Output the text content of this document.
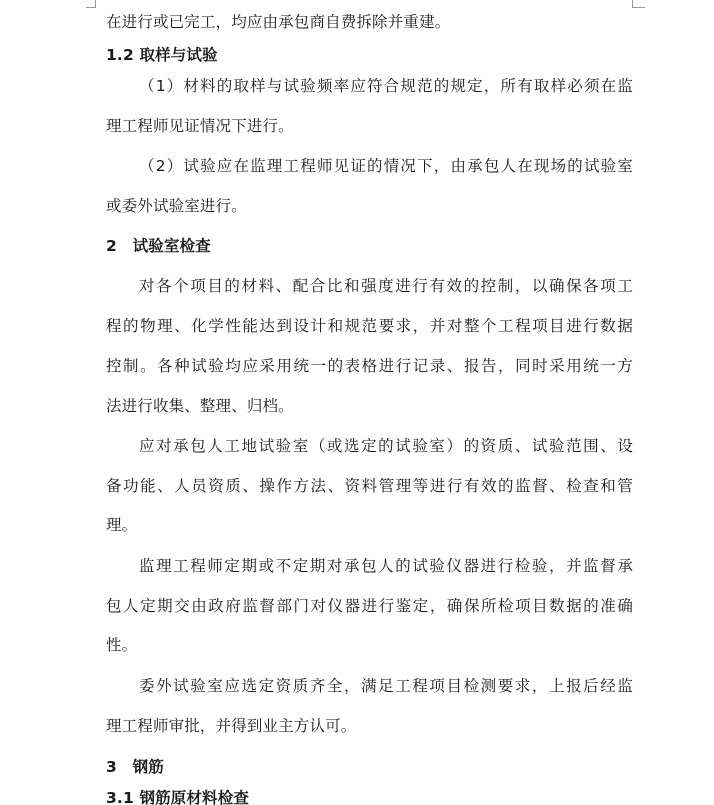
在进行或已完工，均应由承包商自费拆除并重建。
1.2 取样与试验
（1）材料的取样与试验频率应符合规范的规定，所有取样必须在监
理工程师见证情况下进行。
（2）试验应在监理工程师见证的情况下，由承包人在现场的试验室
或委外试验室进行。
2　试验室检查
对各个项目的材料、配合比和强度进行有效的控制，以确保各项工
程的物理、化学性能达到设计和规范要求，并对整个工程项目进行数据
控制。各种试验均应采用统一的表格进行记录、报告，同时采用统一方
法进行收集、整理、归档。
应对承包人工地试验室（或选定的试验室）的资质、试验范围、设
备功能、人员资质、操作方法、资料管理等进行有效的监督、检查和管
理。
监理工程师定期或不定期对承包人的试验仪器进行检验，并监督承
包人定期交由政府监督部门对仪器进行鉴定，确保所检项目数据的准确
性。
委外试验室应选定资质齐全，满足工程项目检测要求，上报后经监
理工程师审批，并得到业主方认可。
3　钢筋
3.1 钢筋原材料检查
